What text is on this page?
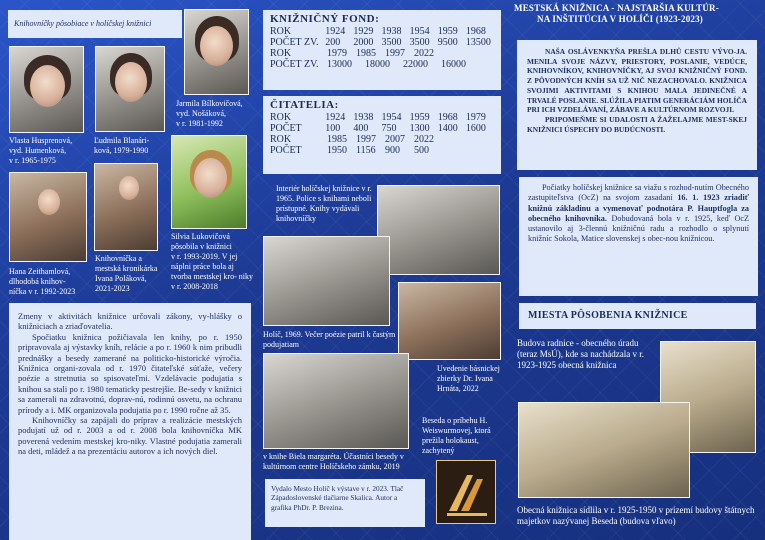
Knihovníčky pôsobiace v holíčskej knižnici
Vlasta Husprenová,
vyd. Humenková,
v r. 1965-1975
Ľudmila Blanári-
ková, 1979-1990
Jarmila Bílkovičová,
vyd. Nošáková,
v r. 1981-1992
Hana Zeithamlová,
dlhodobá knihov-
níčka v r. 1992-2023
Knihovníčka a
mestská kronikárka
Ivana Poláková,
2021-2023
Silvia Lukovičová
pôsobila v knižnici
v r. 1993-2019. V jej
náplni práce bola aj tvorba mestskej kro- niky v r. 2008-2018
KNIŽNIČNÝ FOND:
ROK	1924 1929 1938 1954 1959 1968
POČET ZV. 200	2000 3500 3500 9500 13500
ROK	1979 1985 1997 2022
POČET ZV. 13000	18000	22000	16000
ČITATELIA:
ROK	1924 1938 1954 1959 1968 1979
POČET	100	400	750	1300 1400 1600
ROK	1985 1997 2007 2022
POČET	1950 1156 900	500
MESTSKÁ KNIŽNICA - NAJSTARŠIA KULTÚR-
NA INŠTITÚCIA V HOLÍČI (1923-2023)

NAŠA OSLÁVENKYŇA PREŠLA DLHŮ CESTU VÝVO-JA. MENILA SVOJE NÁZVY, PRIESTORY, POSLANIE, VEDÚCE, KNIHOVNÍKOV, KNIHOVNÍČKY, AJ SVOJ KNIŽNIČNÝ FOND. Z PÔVODNÝCH KNÍH SA UŽ NIČ NEZACHOVALO. KNIŽNICA SVOJIMI AKTIVITAMI S KNIHOU MALA JEDINEČNÉ A TRVALÉ POSLANIE. SLÚŽILA PIATIM GENERÁCIÁM HOLÍČA PRI ICH VZDELÁVANÍ, ZÁBAVE A KULTÚRNOM ROZVOJI.

PRIPOMEŇME SI UDALOSTI A ŽAŽELAJME MEST-SKEJ KNIŽNICI ÚSPECHY DO BUDÚCNOSTI.

Interiér holíčskej knižnice v r. 1965. Police s knihami neboli prístupné. Knihy vydávali knihovníčky
Holíč, 1969. Večer poézie patril k častým podujatiam
Uvedenie básnickej zbierky Dr. Ivana Hrnáta, 2022
Beseda o príbehu H. Weiswurmovej, ktorá prežila holokaust, zachytený
v knihe Biela margaréta. Účastníci besedy v kultúrnom centre Holíčskeho zámku, 2019
Počiatky holíčskej knižnice sa viažu s rozhod-nutím Obecného zastupiteľstva (OcZ) na svojom zasadaní 16. 1. 1923 zriadiť knižnú základinu a vymenovať podnotára P. Hauptfogla za obecného knihovníka. Dobudovaná bola v r. 1925, keď OcZ ustanovilo aj 3-člennú knižničnú radu a rozhodlo o splynutí knižníc Sokola, Matice slovenskej s obec-nou knižnicou.
MIESTA PÔSOBENIA KNIŽNICE
Budova radnice - obecného úradu (teraz MsÚ), kde sa nachádzala v r. 1923-1925 obecná knižnica
Obecná knižnica sídlila v r. 1925-1950 v prízemí budovy štátnych majetkov nazývanej Beseda (budova vľavo)

Zmeny v aktivitách knižnice určovali zákony, vy-hlášky o knižniciach a zriaďovatelia.

Spočiatku knižnica požičiavala len knihy, po r. 1950 pripravovala aj výstavky kníh, relácie a po r. 1960 k nim pribudli prednášky a besedy zamerané na politicko-historické výročia. Knižnica organi-zovala od r. 1970 čitateľské súťaže, večery poézie a stretnutia so spisovateľmi. Vzdelávacie podujatia s knihou sa stali po r. 1980 tematicky pestrejšie. Be-sedy v knižnici sa zamerali na zdravotnú, doprav-nú, rodinnú osvetu, na ochranu prírody a i. MK organizovala podujatia po r. 1990 ročne až 35.

Knihovníčky sa zapájali do príprav a realizácie mestských podujatí už od r. 2003 a od r. 2008 bola knihovníčka MK poverená vedením mestskej kro-niky. Vlastné podujatia zamerali na deti, mládež a na prezentáciu autorov a ich nových diel.

Vydalo Mesto Holíč k výstave v r. 2023. Tlač Západoslovenské tlačiarne Skalica. Autor a grafika PhDr. P. Brezina.
